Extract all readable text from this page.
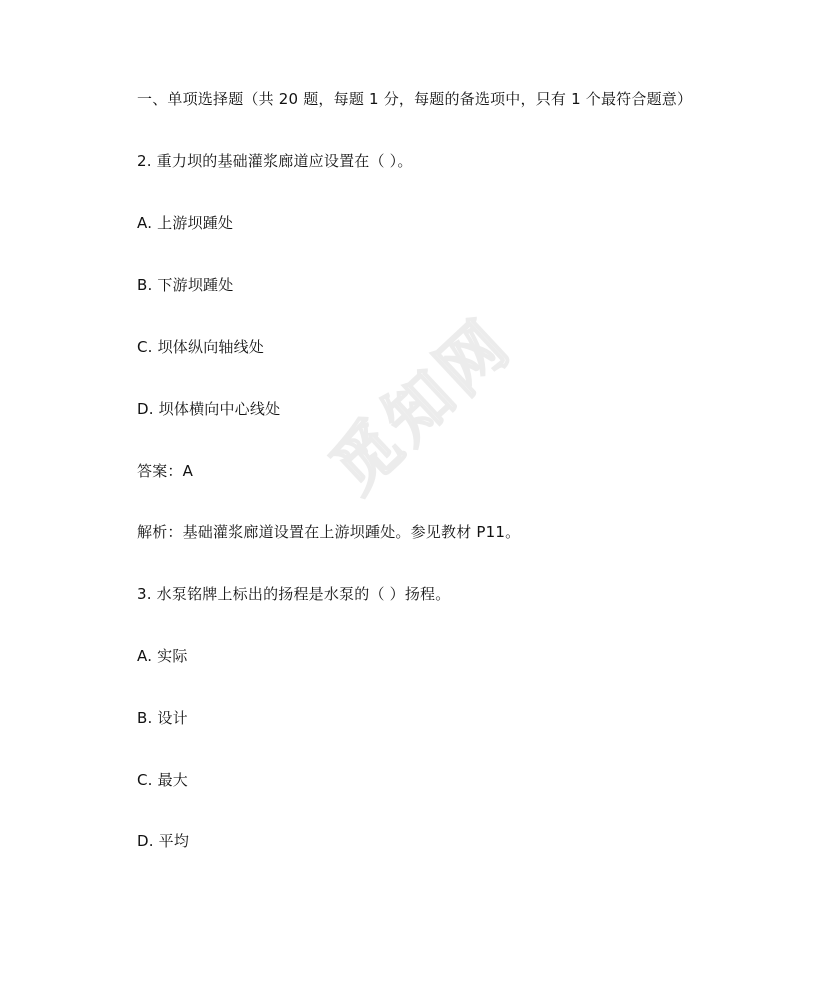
觅知网
一、单项选择题（共 20 题，每题 1 分，每题的备选项中，只有 1 个最符合题意）
2. 重力坝的基础灌浆廊道应设置在（ ）。
A. 上游坝踵处
B. 下游坝踵处
C. 坝体纵向轴线处
D. 坝体横向中心线处
答案：A
解析：基础灌浆廊道设置在上游坝踵处。参见教材 P11。
3. 水泵铭牌上标出的扬程是水泵的（ ）扬程。
A. 实际
B. 设计
C. 最大
D. 平均
